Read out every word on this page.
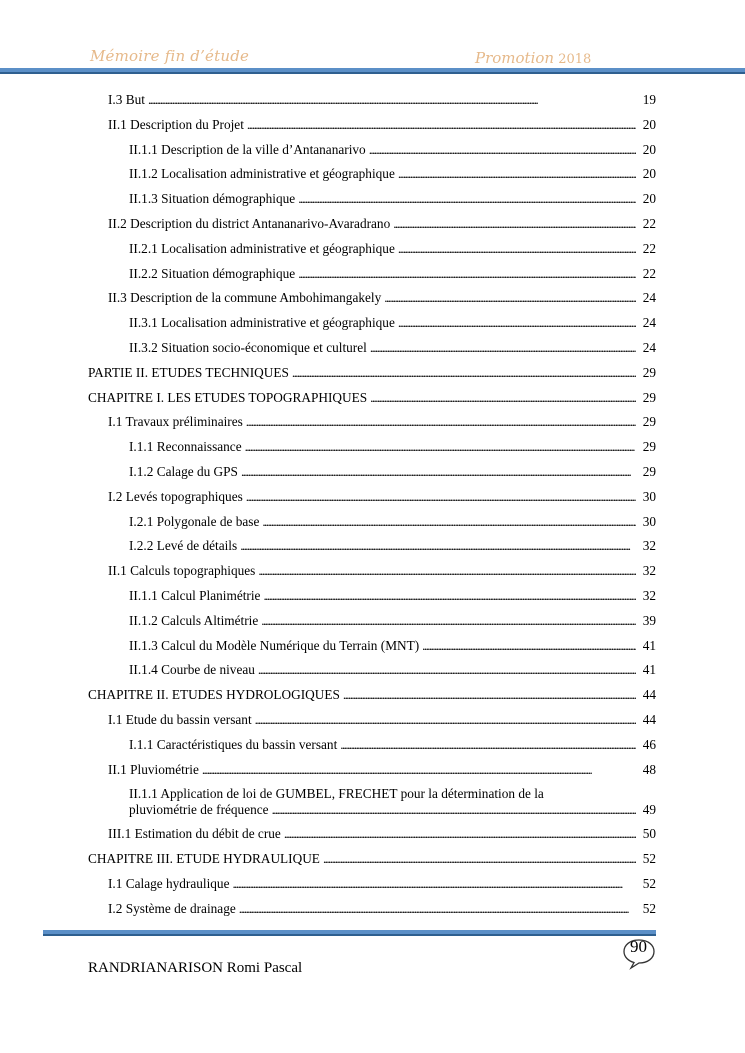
Mémoire fin d’étude	Promotion 2018
I.3 But . . .	19
II.1 Description du Projet . . .	20
II.1.1 Description de la ville d’Antananarivo . . .	20
II.1.2 Localisation administrative et géographique . . .	20
II.1.3 Situation démographique . . .	20
II.2 Description du district Antananarivo-Avaradrano . . .	22
II.2.1 Localisation administrative et géographique . . .	22
II.2.2 Situation démographique . . .	22
II.3 Description de la commune Ambohimangakely . . .	24
II.3.1 Localisation administrative et géographique . . .	24
II.3.2 Situation socio-économique et culturel . . .	24
PARTIE II. ETUDES TECHNIQUES . . .	29
CHAPITRE I. LES ETUDES TOPOGRAPHIQUES . . .	29
I.1 Travaux préliminaires . . .	29
I.1.1 Reconnaissance . . .	29
I.1.2 Calage du GPS . . .	29
I.2 Levés topographiques . . .	30
I.2.1 Polygonale de base . . .	30
I.2.2 Levé de détails . . .	32
II.1 Calculs topographiques . . .	32
II.1.1 Calcul Planimétrie . . .	32
II.1.2 Calculs Altimétrie . . .	39
II.1.3 Calcul du Modèle Numérique du Terrain (MNT) . . .	41
II.1.4 Courbe de niveau . . .	41
CHAPITRE II. ETUDES HYDROLOGIQUES . . .	44
I.1 Etude du bassin versant . . .	44
I.1.1 Caractéristiques du bassin versant . . .	46
II.1 Pluviométrie . . .	48
II.1.1 Application de loi de GUMBEL, FRECHET pour la détermination de la
pluviométrie de fréquence . . .	49
III.1 Estimation du débit de crue . . .	50
CHAPITRE III. ETUDE HYDRAULIQUE . . .	52
I.1 Calage hydraulique . . .	52
I.2 Système de drainage . . .	52
90
RANDRIANARISON Romi Pascal
